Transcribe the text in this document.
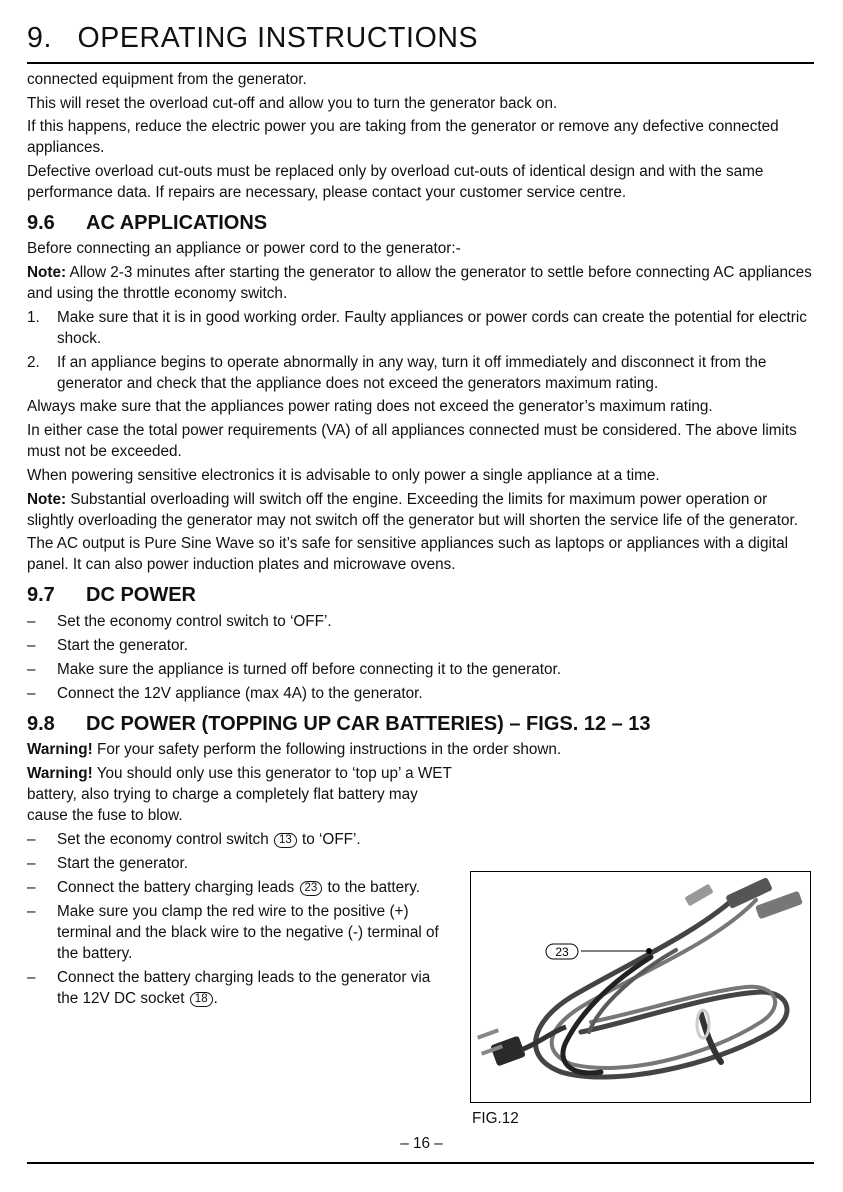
9.   OPERATING INSTRUCTIONS

connected equipment from the generator.

This will reset the overload cut-off and allow you to turn the generator back on.

If this happens, reduce the electric power you are taking from the generator or remove any defective connected appliances.

Defective overload cut-outs must be replaced only by overload cut-outs of identical design and with the same performance data. If repairs are necessary, please contact your customer service centre.

9.6 AC APPLICATIONS

Before connecting an appliance or power cord to the generator:-

Note: Allow 2-3 minutes after starting the generator to allow the generator to settle before connecting AC appliances and using the throttle economy switch.

1. Make sure that it is in good working order. Faulty appliances or power cords can create the potential for electric shock.
2. If an appliance begins to operate abnormally in any way, turn it off immediately and disconnect it from the generator and check that the appliance does not exceed the generators maximum rating.

Always make sure that the appliances power rating does not exceed the generator’s maximum rating.

In either case the total power requirements (VA) of all appliances connected must be considered. The above limits must not be exceeded.

When powering sensitive electronics it is advisable to only power a single appliance at a time.

Note: Substantial overloading will switch off the engine. Exceeding the limits for maximum power operation or slightly overloading the generator may not switch off the generator but will shorten the service life of the generator.

The AC output is Pure Sine Wave so it’s safe for sensitive appliances such as laptops or appliances with a digital panel. It can also power induction plates and microwave ovens.

9.7 DC POWER
– Set the economy control switch to ‘OFF’.
– Start the generator.
– Make sure the appliance is turned off before connecting it to the generator.
– Connect the 12V appliance (max 4A) to the generator.
9.8 DC POWER (TOPPING UP CAR BATTERIES) – FIGS. 12 – 13

Warning! For your safety perform the following instructions in the order shown.

Warning! You should only use this generator to ‘top up’ a WET battery, also trying to charge a completely flat battery may cause the fuse to blow.

– Set the economy control switch 13 to ‘OFF’.
– Start the generator.
– Connect the battery charging leads 23 to the battery.
– Make sure you clamp the red wire to the positive (+) terminal and the black wire to the negative (-) terminal of the battery.
– Connect the battery charging leads to the generator via the 12V DC socket 18 .
23
FIG.12
– 16 –
